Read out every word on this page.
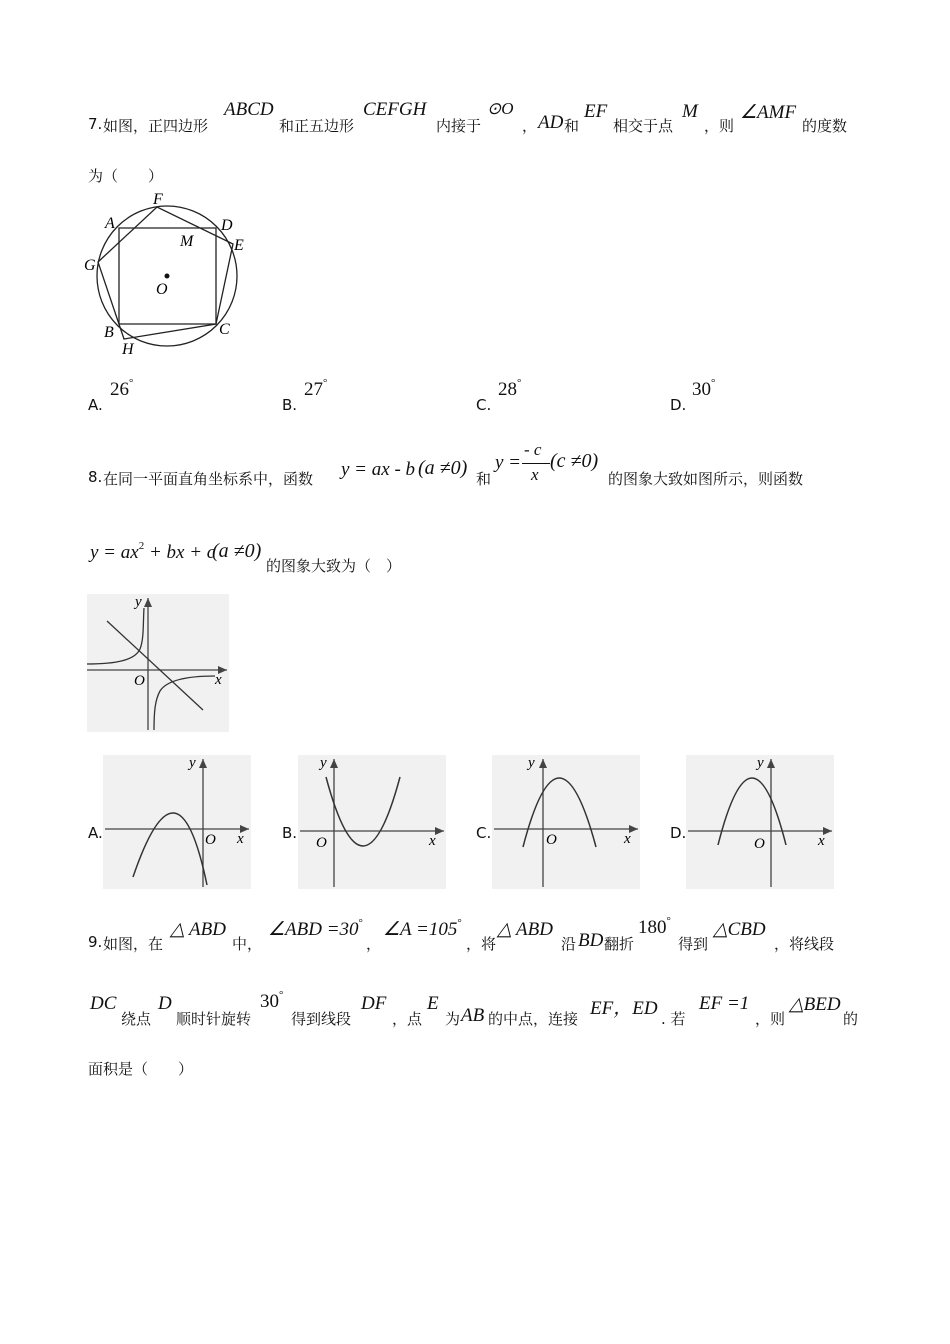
7. 如图，正四边形
ABCD
和正五边形
CEFGH
内接于
⊙O
， AD 和
EF
相交于点
M
，则
∠AMF
的度数
为（　　）
A
F
D
M	E
G
O
B
H
C
A.
26°
B.
27°
C.
28°
D.
30°
8. 在同一平面直角坐标系中，函数 y = ax - b (a ≠0) 和
y =
- c
x
(c ≠0)
的图象大致如图所示，则函数
$y = ax^2$ + bx + c
(a ≠0)
的图象大致为（　）
y
x
O
A.
y
x
O	B.
y
x
O
C.
y
x
O	D.
y
x
O
9. 如图，在
△ ABD
中，
∠ABD =30°
，
∠A =105°
，将
△ ABD
沿 BD 翻折
180°
得到
△CBD
，将线段
DC
绕点
D
顺时针旋转
30°
得到线段
DF
，点
E
为 AB 的中点，连接 EF，ED . 若
EF =1
，则
△BED
的
面积是（　　）
